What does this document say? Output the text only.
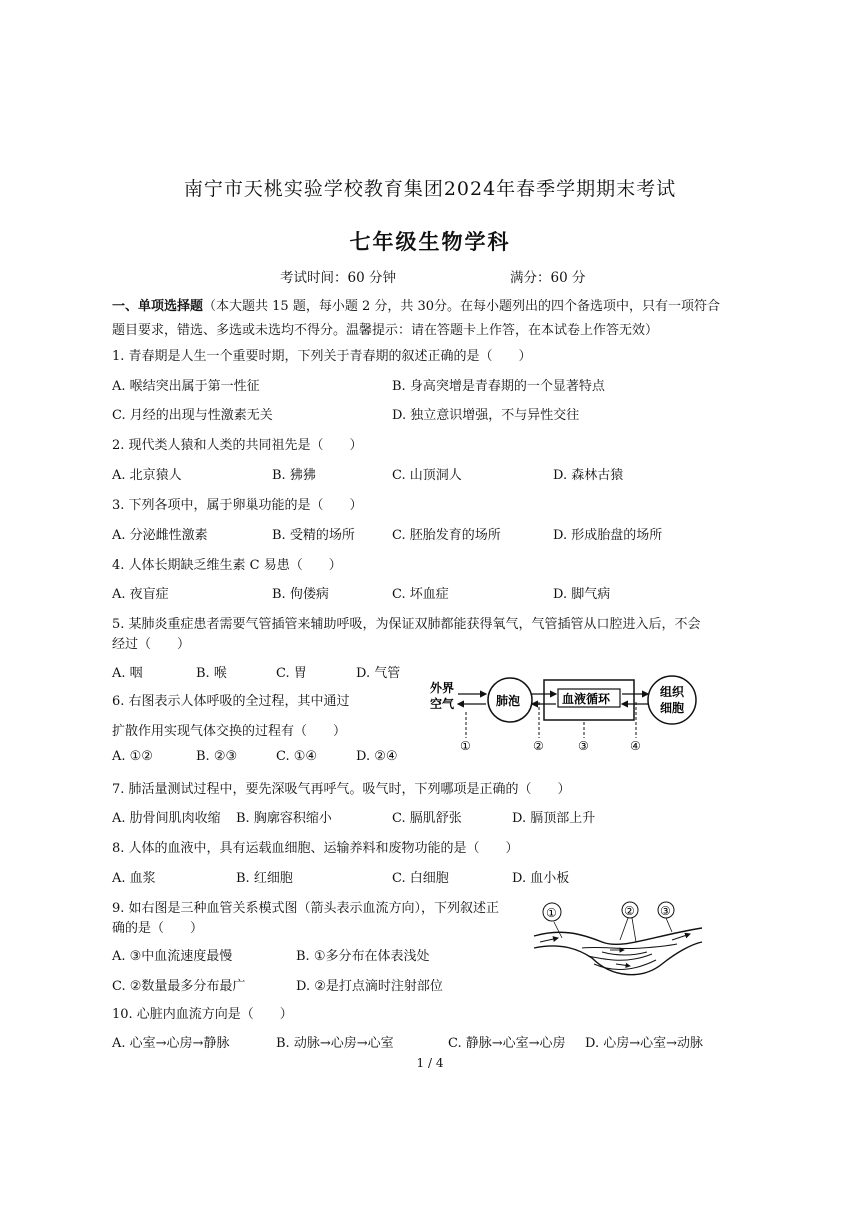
南宁市天桃实验学校教育集团2024年春季学期期末考试
七年级生物学科
考试时间：60 分钟	满分：60 分
一、单项选择题（本大题共 15 题，每小题 2 分，共 30分。在每小题列出的四个备选项中，只有一项符合题目要求，错选、多选或未选均不得分。温馨提示：请在答题卡上作答，在本试卷上作答无效）
1. 青春期是人生一个重要时期，下列关于青春期的叙述正确的是（　　）
A. 喉结突出属于第一性征	B. 身高突增是青春期的一个显著特点
C. 月经的出现与性激素无关	D. 独立意识增强，不与异性交往
2. 现代类人猿和人类的共同祖先是（　　）
A. 北京猿人	B. 狒狒	C. 山顶洞人	D. 森林古猿
3. 下列各项中，属于卵巢功能的是（　　）
A. 分泌雌性激素	B. 受精的场所	C. 胚胎发育的场所	D. 形成胎盘的场所
4. 人体长期缺乏维生素 C 易患（　　）
A. 夜盲症	B. 佝偻病	C. 坏血症	D. 脚气病
5. 某肺炎重症患者需要气管插管来辅助呼吸，为保证双肺都能获得氧气，气管插管从口腔进入后，不会
经过（　　）
A. 咽	B. 喉	C. 胃	D. 气管
6. 右图表示人体呼吸的全过程，其中通过
扩散作用实现气体交换的过程有（　　）
A. ①②	B. ②③	C. ①④	D. ②④
外界
空气	肺泡	血液循环	组织
细胞
①	②	③	④
7. 肺活量测试过程中，要先深吸气再呼气。吸气时，下列哪项是正确的（　　）
A. 肋骨间肌肉收缩 B. 胸廓容积缩小	C. 膈肌舒张	D. 膈顶部上升
8. 人体的血液中，具有运载血细胞、运输养料和废物功能的是（　　）
A. 血浆	B. 红细胞	C. 白细胞	D. 血小板
9. 如右图是三种血管关系模式图（箭头表示血流方向），下列叙述正
确的是（　　）
A. ③中血流速度最慢	B. ①多分布在体表浅处
C. ②数量最多分布最广	D. ②是打点滴时注射部位
①	② ③
10. 心脏内血流方向是（　　）
A. 心室→心房→静脉	B. 动脉→心房→心室	C. 静脉→心室→心房 D. 心房→心室→动脉
1 / 4
